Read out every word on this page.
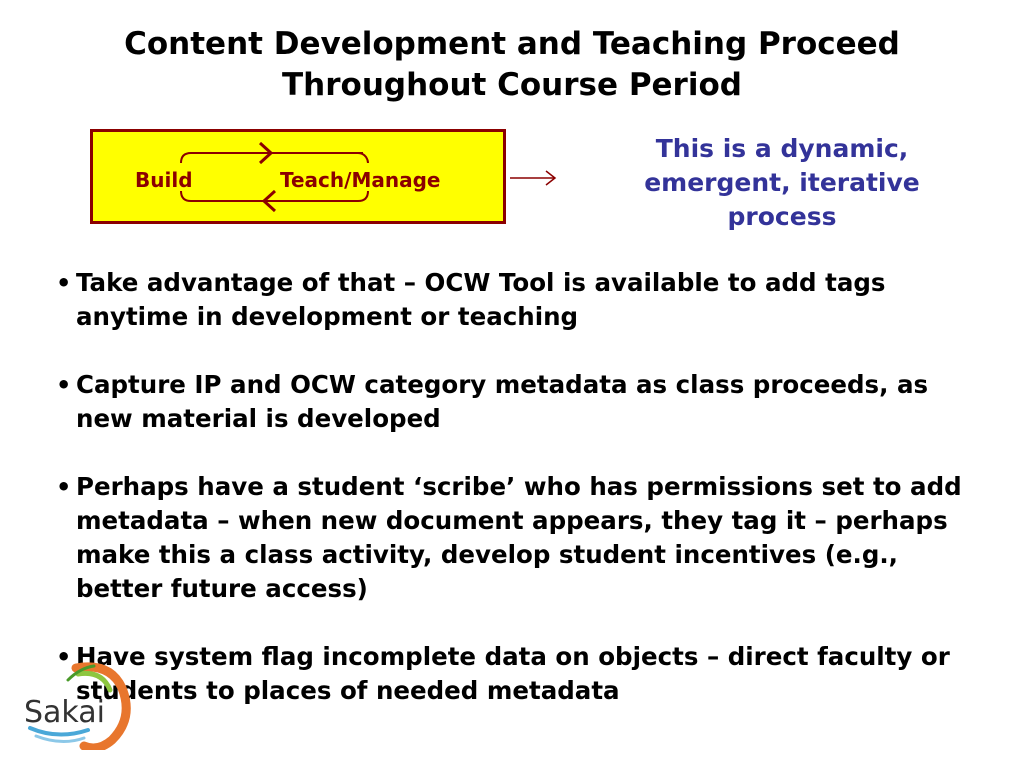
Content Development and Teaching Proceed
Throughout Course Period
Build	Teach/Manage
This is a dynamic,
emergent, iterative
process
• Take advantage of that – OCW Tool is available to add tags anytime in development or teaching
• Capture IP and OCW category metadata as class proceeds, as new material is developed
• Perhaps have a student ‘scribe’ who has permissions set to add metadata – when new document appears, they tag it – perhaps make this a class activity, develop student incentives (e.g., better future access)
• Have system flag incomplete data on objects – direct faculty or students to places of needed metadata
Sakai
